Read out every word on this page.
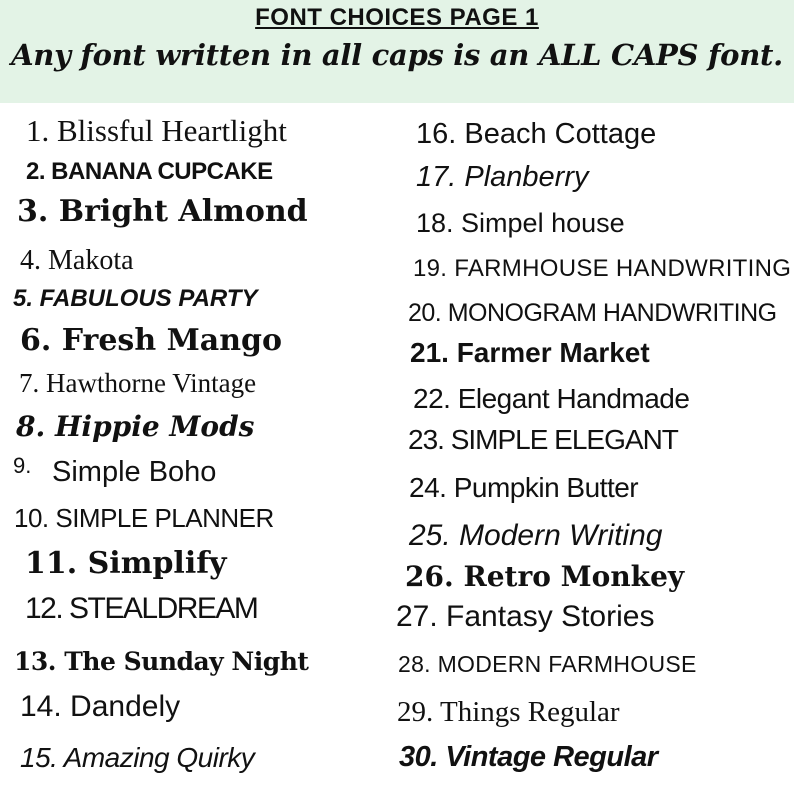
FONT CHOICES PAGE 1
Any font written in all caps is an ALL CAPS font.
1. Blissful Heartlight
2. BANANA CUPCAKE
3. Bright Almond
4. Makota
5. FABULOUS PARTY
6. Fresh Mango
7. Hawthorne Vintage
8. Hippie Mods
9. Simple Boho
10. SIMPLE PLANNER
11. Simplify
12. STEALDREAM
13. The Sunday Night
14. Dandely
15. Amazing Quirky
16. Beach Cottage
17. Planberry
18. Simpel house
19. FARMHOUSE HANDWRITING
20. MONOGRAM HANDWRITING
21. Farmer Market
22. Elegant Handmade
23. SIMPLE ELEGANT
24. Pumpkin Butter
25. Modern Writing
26. Retro Monkey
27. Fantasy Stories
28. MODERN FARMHOUSE
29. Things Regular
30. Vintage Regular
